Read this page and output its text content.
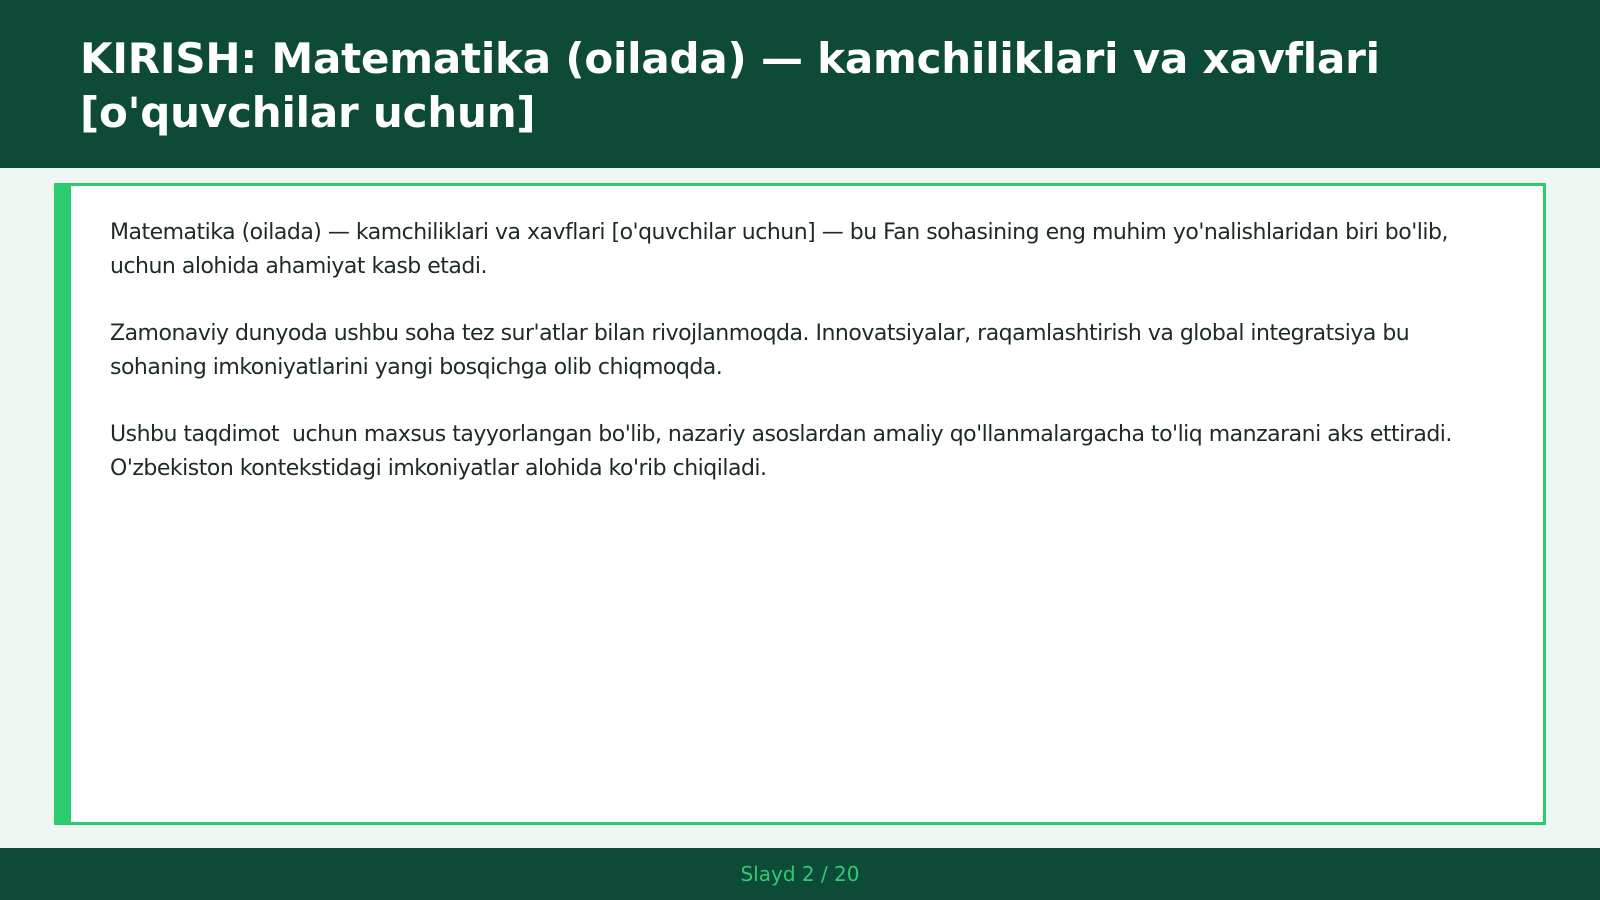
KIRISH: Matematika (oilada) — kamchiliklari va xavflari [o'quvchilar uchun]

Matematika (oilada) — kamchiliklari va xavflari [o'quvchilar uchun] — bu Fan sohasining eng muhim yo'nalishlaridan biri bo'lib,  uchun alohida ahamiyat kasb etadi.

Zamonaviy dunyoda ushbu soha tez sur'atlar bilan rivojlanmoqda. Innovatsiyalar, raqamlashtirish va global integratsiya bu sohaning imkoniyatlarini yangi bosqichga olib chiqmoqda.

Ushbu taqdimot  uchun maxsus tayyorlangan bo'lib, nazariy asoslardan amaliy qo'llanmalargacha to'liq manzarani aks ettiradi. O'zbekiston kontekstidagi imkoniyatlar alohida ko'rib chiqiladi.

Slayd 2 / 20
